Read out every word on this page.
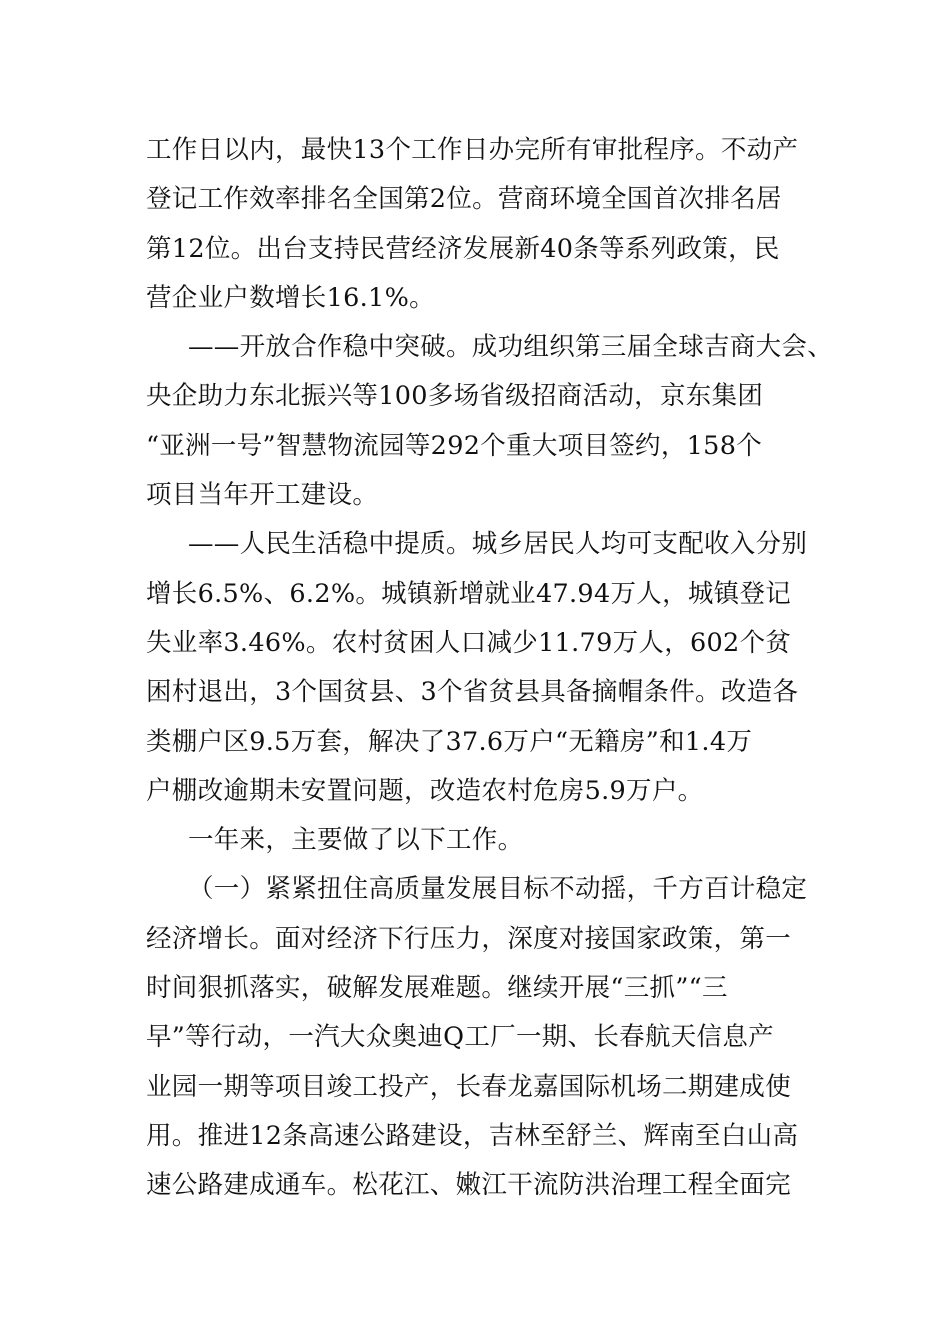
工作日以内，最快13个工作日办完所有审批程序。不动产
登记工作效率排名全国第2位。营商环境全国首次排名居
第12位。出台支持民营经济发展新40条等系列政策，民
营企业户数增长16.1%。
——开放合作稳中突破。成功组织第三届全球吉商大会、
央企助力东北振兴等100多场省级招商活动，京东集团
“亚洲一号”智慧物流园等292个重大项目签约，158个
项目当年开工建设。
——人民生活稳中提质。城乡居民人均可支配收入分别
增长6.5%、6.2%。城镇新增就业47.94万人，城镇登记
失业率3.46%。农村贫困人口减少11.79万人，602个贫
困村退出，3个国贫县、3个省贫县具备摘帽条件。改造各
类棚户区9.5万套，解决了37.6万户“无籍房”和1.4万
户棚改逾期未安置问题，改造农村危房5.9万户。
一年来，主要做了以下工作。
（一）紧紧扭住高质量发展目标不动摇，千方百计稳定
经济增长。面对经济下行压力，深度对接国家政策，第一
时间狠抓落实，破解发展难题。继续开展“三抓”“三
早”等行动，一汽大众奥迪Q工厂一期、长春航天信息产
业园一期等项目竣工投产，长春龙嘉国际机场二期建成使
用。推进12条高速公路建设，吉林至舒兰、辉南至白山高
速公路建成通车。松花江、嫩江干流防洪治理工程全面完
